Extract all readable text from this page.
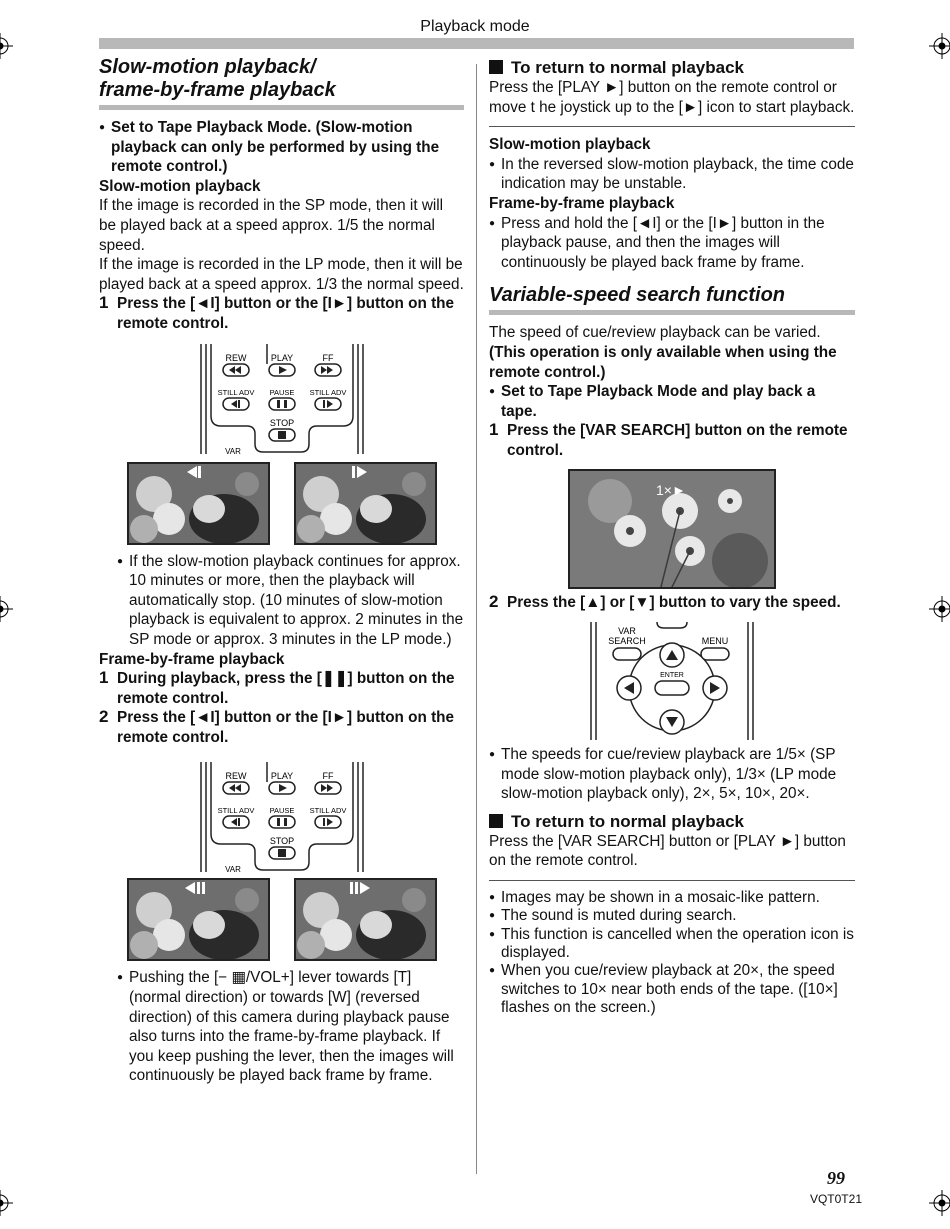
Playback mode

Slow-motion playback/

frame-by-frame playback

● Set to Tape Playback Mode. (Slow-motion playback can only be performed by using the remote control.)

Slow-motion playback

If the image is recorded in the SP mode, then it will be played back at a speed approx. 1/5 the normal speed.

If the image is recorded in the LP mode, then it will be played back at a speed approx. 1/3 the normal speed.

1 Press the [◄I] button or the [I►] button on the remote control.

REW	PLAY	FF
STILL ADV PAUSE STILL ADV
STOP
VAR

● If the slow-motion playback continues for approx. 10 minutes or more, then the playback will automatically stop. (10 minutes of slow-motion playback is equivalent to approx. 2 minutes in the SP mode or approx. 3 minutes in the LP mode.)

Frame-by-frame playback

1 During playback, press the [❚❚] button on the remote control.

2 Press the [◄I] button or the [I►] button on the remote control.

REW	PLAY	FF
STILL ADV PAUSE STILL ADV
STOP
VAR

● Pushing the [− ▦/VOL+] lever towards [T] (normal direction) or towards [W] (reversed direction) of this camera during playback pause also turns into the frame-by-frame playback. If you keep pushing the lever, then the images will continuously be played back frame by frame.

To return to normal playback

Press the [PLAY ►] button on the remote control or move t he joystick up to the [►] icon to start playback.

Slow-motion playback

● In the reversed slow-motion playback, the time code indication may be unstable.

Frame-by-frame playback

● Press and hold the [◄I] or the [I►] button in the playback pause, and then the images will continuously be played back frame by frame.

Variable-speed search function

The speed of cue/review playback can be varied.

(This operation is only available when using the remote control.)

● Set to Tape Playback Mode and play back a tape.

1 Press the [VAR SEARCH] button on the remote control.

1×►

2 Press the [▲] or [▼] button to vary the speed.

VAR
SEARCH	MENU
ENTER

● The speeds for cue/review playback are 1/5× (SP mode slow-motion playback only), 1/3× (LP mode slow-motion playback only), 2×, 5×, 10×, 20×.

To return to normal playback

Press the [VAR SEARCH] button or [PLAY ►] button on the remote control.

● Images may be shown in a mosaic-like pattern.

● The sound is muted during search.

● This function is cancelled when the operation icon is displayed.

● When you cue/review playback at 20×, the speed switches to 10× near both ends of the tape. ([10×] flashes on the screen.)

99
VQT0T21
